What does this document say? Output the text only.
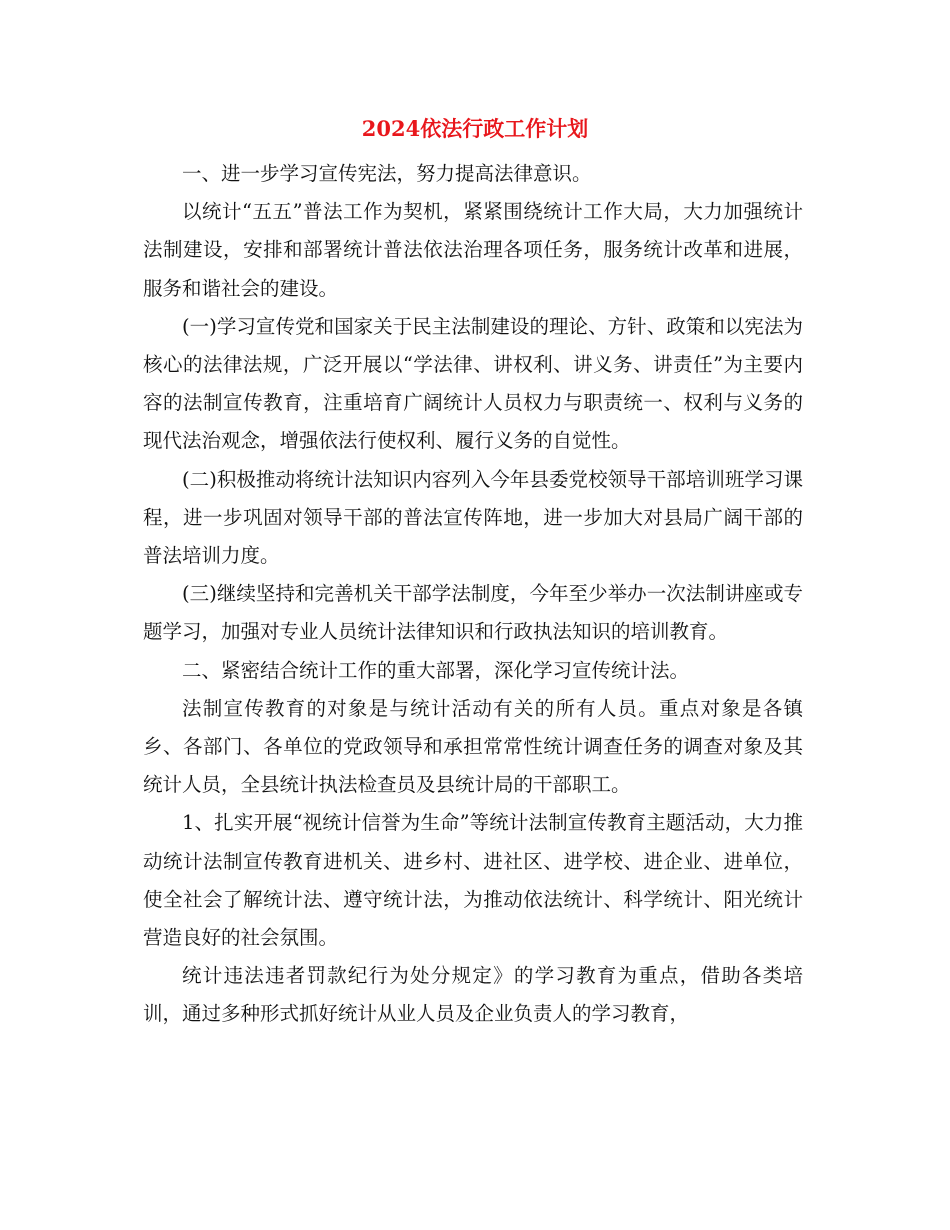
2024依法行政工作计划

一、进一步学习宣传宪法，努力提高法律意识。

以统计“五五”普法工作为契机，紧紧围绕统计工作大局，大力加强统计法制建设，安排和部署统计普法依法治理各项任务，服务统计改革和进展，服务和谐社会的建设。

(一)学习宣传党和国家关于民主法制建设的理论、方针、政策和以宪法为核心的法律法规，广泛开展以“学法律、讲权利、讲义务、讲责任”为主要内容的法制宣传教育，注重培育广阔统计人员权力与职责统一、权利与义务的现代法治观念，增强依法行使权利、履行义务的自觉性。

(二)积极推动将统计法知识内容列入今年县委党校领导干部培训班学习课程，进一步巩固对领导干部的普法宣传阵地，进一步加大对县局广阔干部的普法培训力度。

(三)继续坚持和完善机关干部学法制度，今年至少举办一次法制讲座或专题学习，加强对专业人员统计法律知识和行政执法知识的培训教育。

二、紧密结合统计工作的重大部署，深化学习宣传统计法。

法制宣传教育的对象是与统计活动有关的所有人员。重点对象是各镇乡、各部门、各单位的党政领导和承担常常性统计调查任务的调查对象及其统计人员，全县统计执法检查员及县统计局的干部职工。

1、扎实开展“视统计信誉为生命”等统计法制宣传教育主题活动，大力推动统计法制宣传教育进机关、进乡村、进社区、进学校、进企业、进单位，使全社会了解统计法、遵守统计法，为推动依法统计、科学统计、阳光统计营造良好的社会氛围。

统计违法违者罚款纪行为处分规定》的学习教育为重点，借助各类培训，通过多种形式抓好统计从业人员及企业负责人的学习教育，
